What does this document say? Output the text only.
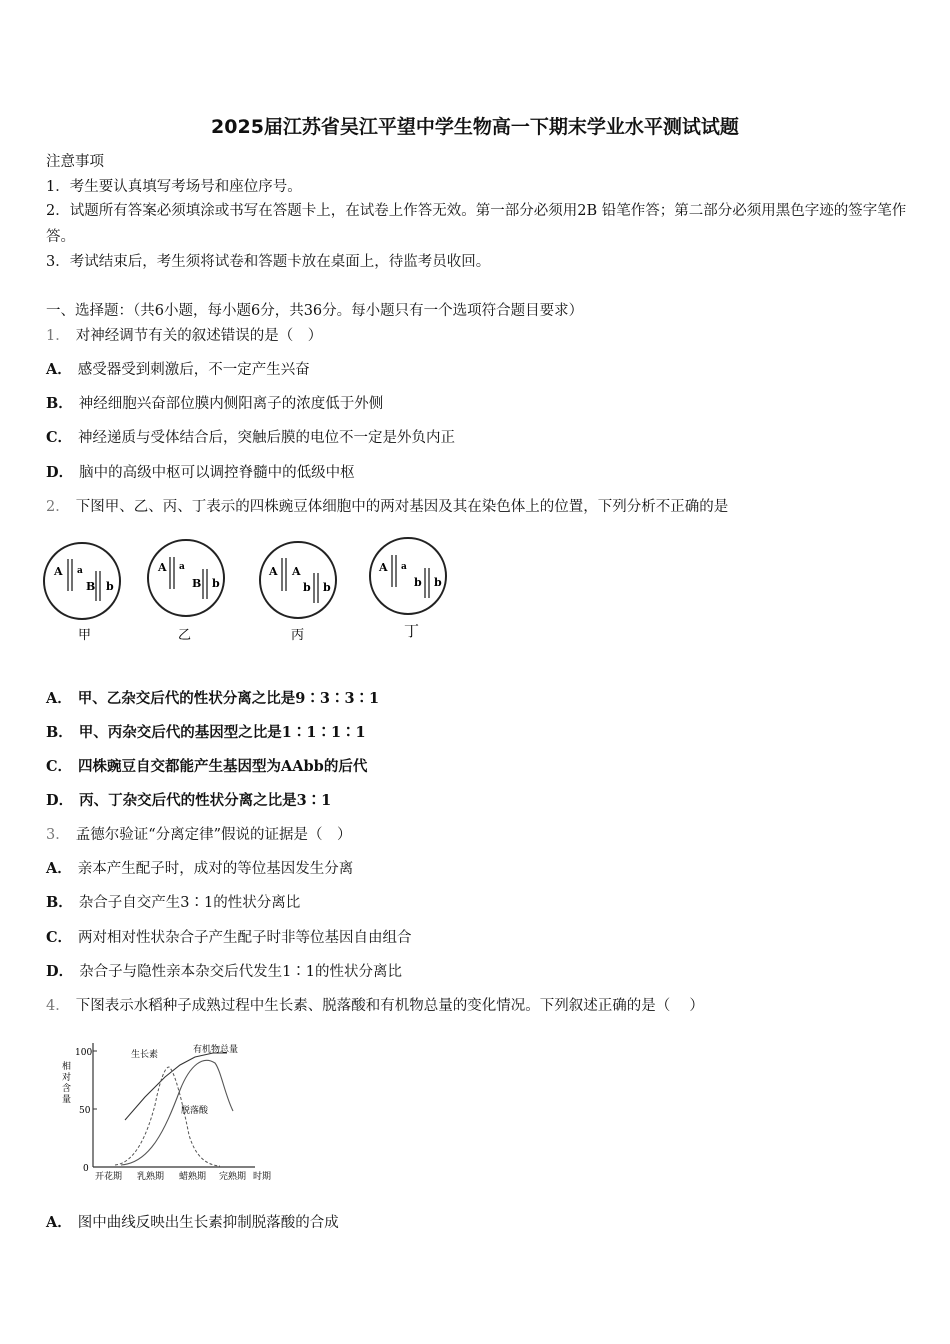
2025届江苏省吴江平望中学生物高一下期末学业水平测试试题
注意事项
1．考生要认真填写考场号和座位序号。
2．试题所有答案必须填涂或书写在答题卡上，在试卷上作答无效。第一部分必须用2B 铅笔作答；第二部分必须用黑色字迹的签字笔作答。
3．考试结束后，考生须将试卷和答题卡放在桌面上，待监考员收回。
一、选择题：（共6小题，每小题6分，共36分。每小题只有一个选项符合题目要求）
1． 对神经调节有关的叙述错误的是（　）
A． 感受器受到刺激后，不一定产生兴奋
B． 神经细胞兴奋部位膜内侧阳离子的浓度低于外侧
C． 神经递质与受体结合后，突触后膜的电位不一定是外负内正
D． 脑中的高级中枢可以调控脊髓中的低级中枢
2． 下图甲、乙、丙、丁表示的四株豌豆体细胞中的两对基因及其在染色体上的位置，下列分析不正确的是
A a
B b
甲
A a
B b
乙
A A
b b
丙
A a
b b
丁
A． 甲、乙杂交后代的性状分离之比是9∶3∶3∶1
B． 甲、丙杂交后代的基因型之比是1∶1∶1∶1
C． 四株豌豆自交都能产生基因型为AAbb的后代
D． 丙、丁杂交后代的性状分离之比是3∶1
3． 孟德尔验证“分离定律”假说的证据是（　）
A． 亲本产生配子时，成对的等位基因发生分离
B． 杂合子自交产生3∶1的性状分离比
C． 两对相对性状杂合子产生配子时非等位基因自由组合
D． 杂合子与隐性亲本杂交后代发生1∶1的性状分离比
4． 下图表示水稻种子成熟过程中生长素、脱落酸和有机物总量的变化情况。下列叙述正确的是（　 ）
100
50
0
相 对 含 量
开花期 乳熟期 蜡熟期 完熟期 时期
生长素	有机物总量
脱落酸
A． 图中曲线反映出生长素抑制脱落酸的合成
